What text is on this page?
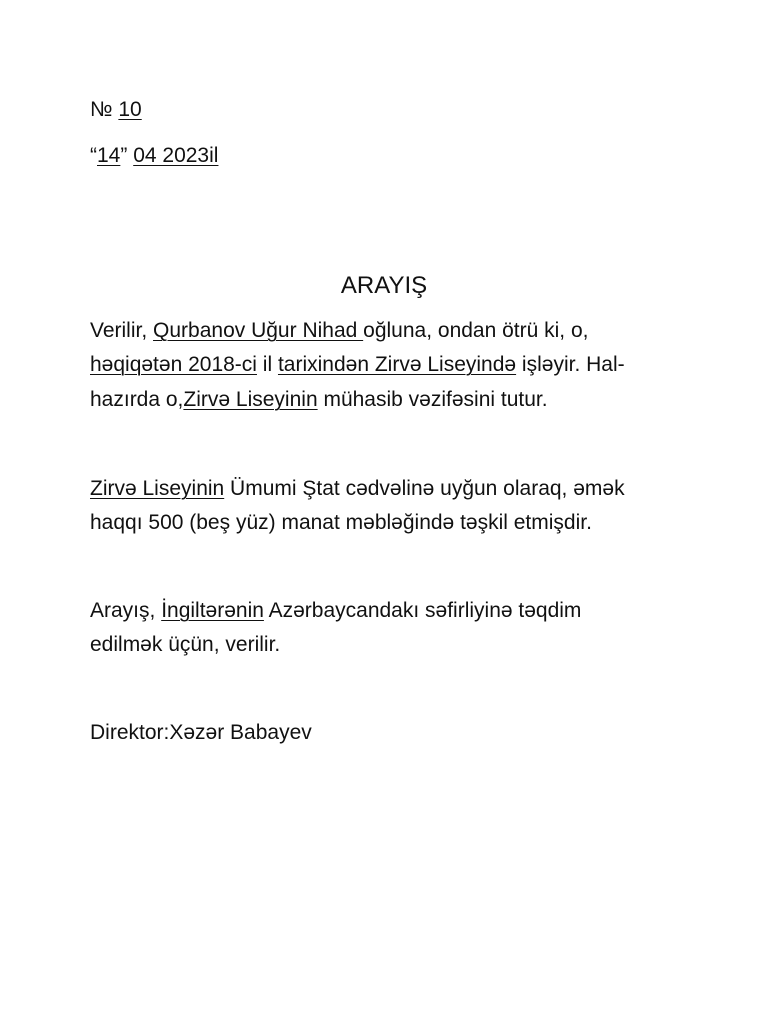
№ 10
“14” 04 2023il
ARAYIŞ
Verilir, Qurbanov Uğur Nihad oğluna, ondan ötrü ki, o,
həqiqətən 2018-ci il tarixindən Zirvə Liseyində işləyir. Hal-
hazırda o,Zirvə Liseyinin mühasib vəzifəsini tutur.
Zirvə Liseyinin Ümumi Ştat cədvəlinə uyğun olaraq, əmək
haqqı 500 (beş yüz) manat məbləğində təşkil etmişdir.
Arayış, İngiltərənin Azərbaycandakı səfirliyinə təqdim
edilmək üçün, verilir.
Direktor:Xəzər Babayev
